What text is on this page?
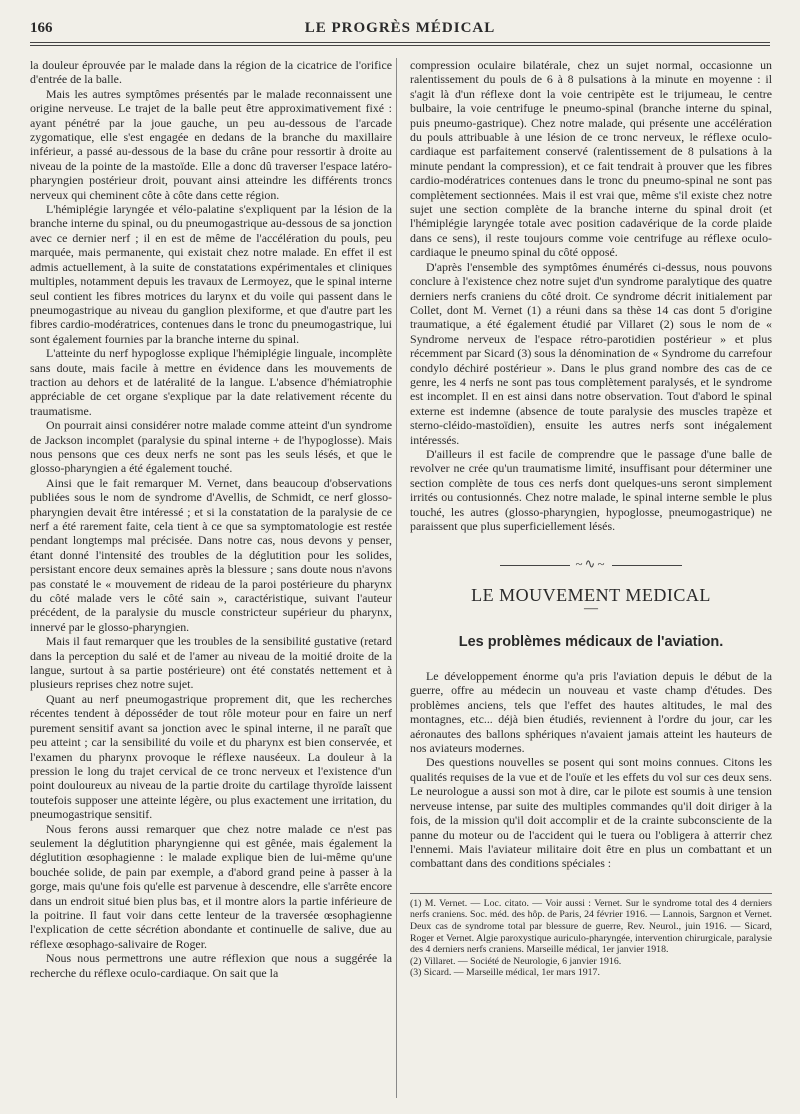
166	LE PROGRÈS MÉDICAL

la douleur éprouvée par le malade dans la région de la cicatrice de l'orifice d'entrée de la balle.

Mais les autres symptômes présentés par le malade reconnaissent une origine nerveuse. Le trajet de la balle peut être approximativement fixé : ayant pénétré par la joue gauche, un peu au-dessous de l'arcade zygomatique, elle s'est engagée en dedans de la branche du maxillaire inférieur, a passé au-dessous de la base du crâne pour ressortir à droite au niveau de la pointe de la mastoïde. Elle a donc dû traverser l'espace latéro-pharyngien postérieur droit, pouvant ainsi atteindre les différents troncs nerveux qui cheminent côte à côte dans cette région.

L'hémiplégie laryngée et vélo-palatine s'expliquent par la lésion de la branche interne du spinal, ou du pneumogastrique au-dessous de sa jonction avec ce dernier nerf ; il en est de même de l'accélération du pouls, peu marquée, mais permanente, qui existait chez notre malade. En effet il est admis actuellement, à la suite de constatations expérimentales et cliniques multiples, notamment depuis les travaux de Lermoyez, que le spinal interne seul contient les fibres motrices du larynx et du voile qui passent dans le pneumogastrique au niveau du ganglion plexiforme, et que d'autre part les fibres cardio-modératrices, contenues dans le tronc du pneumogastrique, lui sont également fournies par la branche interne du spinal.

L'atteinte du nerf hypoglosse explique l'hémiplégie linguale, incomplète sans doute, mais facile à mettre en évidence dans les mouvements de traction au dehors et de latéralité de la langue. L'absence d'hémiatrophie appréciable de cet organe s'explique par la date relativement récente du traumatisme.

On pourrait ainsi considérer notre malade comme atteint d'un syndrome de Jackson incomplet (paralysie du spinal interne + de l'hypoglosse). Mais nous pensons que ces deux nerfs ne sont pas les seuls lésés, et que le glosso-pharyngien a été également touché.

Ainsi que le fait remarquer M. Vernet, dans beaucoup d'observations publiées sous le nom de syndrome d'Avellis, de Schmidt, ce nerf glosso-pharyngien devait être intéressé ; et si la constatation de la paralysie de ce nerf a été rarement faite, cela tient à ce que sa symptomatologie est restée pendant longtemps mal précisée. Dans notre cas, nous devons y penser, étant donné l'intensité des troubles de la déglutition pour les solides, persistant encore deux semaines après la blessure ; sans doute nous n'avons pas constaté le « mouvement de rideau de la paroi postérieure du pharynx du côté malade vers le côté sain », caractéristique, suivant l'auteur précédent, de la paralysie du muscle constricteur supérieur du pharynx, innervé par le glosso-pharyngien.

Mais il faut remarquer que les troubles de la sensibilité gustative (retard dans la perception du salé et de l'amer au niveau de la moitié droite de la langue, surtout à sa partie postérieure) ont été constatés nettement et à plusieurs reprises chez notre sujet.

Quant au nerf pneumogastrique proprement dit, que les recherches récentes tendent à déposséder de tout rôle moteur pour en faire un nerf purement sensitif avant sa jonction avec le spinal interne, il ne paraît que peu atteint ; car la sensibilité du voile et du pharynx est bien conservée, et l'examen du pharynx provoque le réflexe nauséeux. La douleur à la pression le long du trajet cervical de ce tronc nerveux et l'existence d'un point douloureux au niveau de la partie droite du cartilage thyroïde laissent toutefois supposer une atteinte légère, ou plus exactement une irritation, du pneumogastrique sensitif.

Nous ferons aussi remarquer que chez notre malade ce n'est pas seulement la déglutition pharyngienne qui est gênée, mais également la déglutition œsophagienne : le malade explique bien de lui-même qu'une bouchée solide, de pain par exemple, a d'abord grand peine à passer à la gorge, mais qu'une fois qu'elle est parvenue à descendre, elle s'arrête encore dans un endroit situé bien plus bas, et il montre alors la partie inférieure de la poitrine. Il faut voir dans cette lenteur de la traversée œsophagienne l'explication de cette sécrétion abondante et continuelle de salive, due au réflexe œsophago-salivaire de Roger.

Nous nous permettrons une autre réflexion que nous a suggérée la recherche du réflexe oculo-cardiaque. On sait que la

compression oculaire bilatérale, chez un sujet normal, occasionne un ralentissement du pouls de 6 à 8 pulsations à la minute en moyenne : il s'agit là d'un réflexe dont la voie centripète est le trijumeau, le centre bulbaire, la voie centrifuge le pneumo-spinal (branche interne du spinal, puis pneumo-gastrique). Chez notre malade, qui présente une accélération du pouls attribuable à une lésion de ce tronc nerveux, le réflexe oculo-cardiaque est parfaitement conservé (ralentissement de 8 pulsations à la minute pendant la compression), et ce fait tendrait à prouver que les fibres cardio-modératrices contenues dans le tronc du pneumo-spinal ne sont pas complètement sectionnées. Mais il est vrai que, même s'il existe chez notre sujet une section complète de la branche interne du spinal droit (et l'hémiplégie laryngée totale avec position cadavérique de la corde plaide dans ce sens), il reste toujours comme voie centrifuge au réflexe oculo-cardiaque le pneumo spinal du côté opposé.

D'après l'ensemble des symptômes énumérés ci-dessus, nous pouvons conclure à l'existence chez notre sujet d'un syndrome paralytique des quatre derniers nerfs craniens du côté droit. Ce syndrome décrit initialement par Collet, dont M. Vernet (1) a réuni dans sa thèse 14 cas dont 5 d'origine traumatique, a été également étudié par Villaret (2) sous le nom de « Syndrome nerveux de l'espace rétro-parotidien postérieur » et plus récemment par Sicard (3) sous la dénomination de « Syndrome du carrefour condylo déchiré postérieur ». Dans le plus grand nombre des cas de ce genre, les 4 nerfs ne sont pas tous complètement paralysés, et le syndrome est incomplet. Il en est ainsi dans notre observation. Tout d'abord le spinal externe est indemne (absence de toute paralysie des muscles trapèze et sterno-cléido-mastoïdien), ensuite les autres nerfs sont inégalement intéressés.

D'ailleurs il est facile de comprendre que le passage d'une balle de revolver ne crée qu'un traumatisme limité, insuffisant pour déterminer une section complète de tous ces nerfs dont quelques-uns seront simplement irrités ou contusionnés. Chez notre malade, le spinal interne semble le plus touché, les autres (glosso-pharyngien, hypoglosse, pneumogastrique) ne paraissent que plus superficiellement lésés.

~∿~
LE MOUVEMENT MEDICAL
—
Les problèmes médicaux de l'aviation.

Le développement énorme qu'a pris l'aviation depuis le début de la guerre, offre au médecin un nouveau et vaste champ d'études. Des problèmes anciens, tels que l'effet des hautes altitudes, le mal des montagnes, etc... déjà bien étudiés, reviennent à l'ordre du jour, car les aéronautes des ballons sphériques n'avaient jamais atteint les hauteurs de nos aviateurs modernes.

Des questions nouvelles se posent qui sont moins connues. Citons les qualités requises de la vue et de l'ouïe et les effets du vol sur ces deux sens. Le neurologue a aussi son mot à dire, car le pilote est soumis à une tension nerveuse intense, par suite des multiples commandes qu'il doit diriger à la fois, de la mission qu'il doit accomplir et de la crainte subconsciente de la panne du moteur ou de l'accident qui le tuera ou l'obligera à atterrir chez l'ennemi. Mais l'aviateur militaire doit être en plus un combattant et un combattant dans des conditions spéciales :

(1) M. Vernet. — Loc. citato. — Voir aussi : Vernet. Sur le syndrome total des 4 derniers nerfs craniens. Soc. méd. des hôp. de Paris, 24 février 1916. — Lannois, Sargnon et Vernet. Deux cas de syndrome total par blessure de guerre, Rev. Neurol., juin 1916. — Sicard, Roger et Vernet. Algie paroxystique auriculo-pharyngée, intervention chirurgicale, paralysie des 4 derniers nerfs craniens. Marseille médical, 1er janvier 1918.

(2) Villaret. — Société de Neurologie, 6 janvier 1916.

(3) Sicard. — Marseille médical, 1er mars 1917.
